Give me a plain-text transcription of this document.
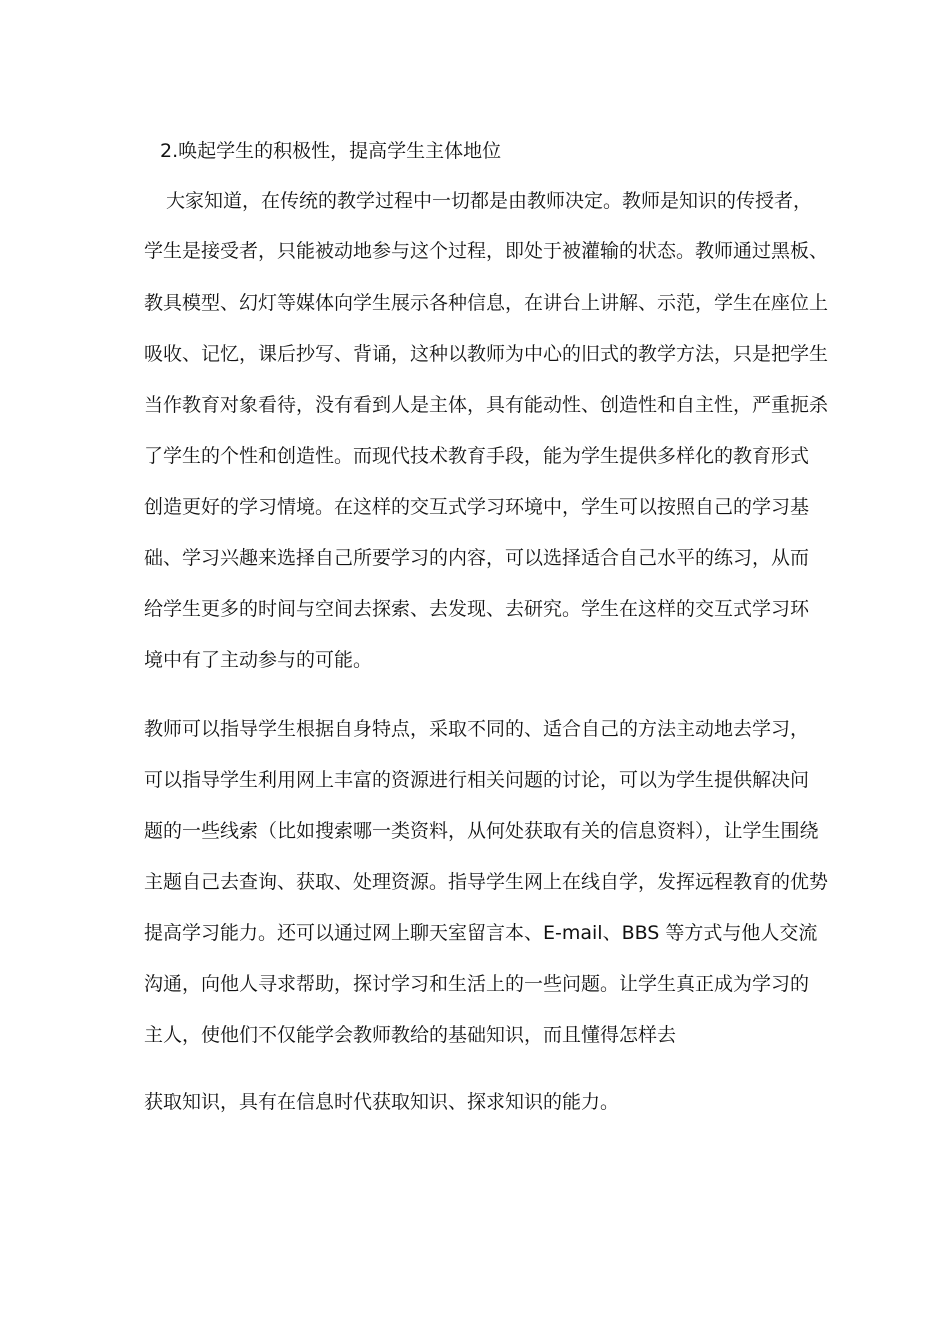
2.唤起学生的积极性，提高学生主体地位
大家知道，在传统的教学过程中一切都是由教师决定。教师是知识的传授者，
学生是接受者，只能被动地参与这个过程，即处于被灌输的状态。教师通过黑板、
教具模型、幻灯等媒体向学生展示各种信息，在讲台上讲解、示范，学生在座位上
吸收、记忆，课后抄写、背诵，这种以教师为中心的旧式的教学方法，只是把学生
当作教育对象看待，没有看到人是主体，具有能动性、创造性和自主性，严重扼杀
了学生的个性和创造性。而现代技术教育手段，能为学生提供多样化的教育形式
创造更好的学习情境。在这样的交互式学习环境中，学生可以按照自己的学习基
础、学习兴趣来选择自己所要学习的内容，可以选择适合自己水平的练习，从而
给学生更多的时间与空间去探索、去发现、去研究。学生在这样的交互式学习环
境中有了主动参与的可能。
教师可以指导学生根据自身特点，采取不同的、适合自己的方法主动地去学习，
可以指导学生利用网上丰富的资源进行相关问题的讨论，可以为学生提供解决问
题的一些线索（比如搜索哪一类资料，从何处获取有关的信息资料），让学生围绕
主题自己去查询、获取、处理资源。指导学生网上在线自学，发挥远程教育的优势
提高学习能力。还可以通过网上聊天室留言本、E-mail、BBS 等方式与他人交流
沟通，向他人寻求帮助，探讨学习和生活上的一些问题。让学生真正成为学习的
主人，使他们不仅能学会教师教给的基础知识，而且懂得怎样去
获取知识，具有在信息时代获取知识、探求知识的能力。
